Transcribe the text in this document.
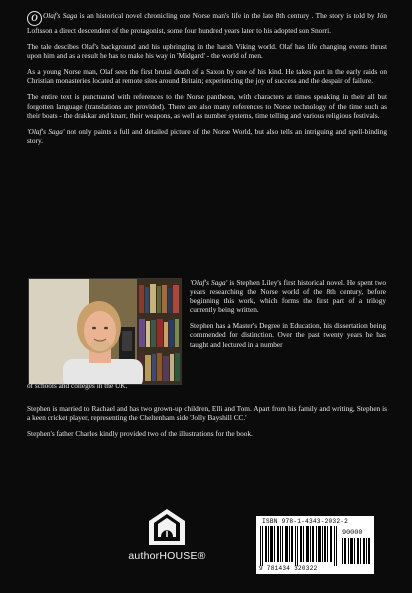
O Olaf's Saga is an historical novel chronicling one Norse man's life in the late 8th century . The story is told by Jón Loftsson a direct descendent of the protagonist, some four hundred years later to his adopted son Snorri.

The tale descibes Olaf's background and his upbringing in the harsh Viking world. Olaf has life changing events thrust upon him and as a result he has to make his way in 'Midgard' - the world of men.

As a young Norse man, Olaf sees the first brutal death of a Saxon by one of his kind. He takes part in the early raids on Christian monasteries located at remote sites around Britain; experiencing the joy of success and the despair of failure.

The entire text is punctuated with references to the Norse pantheon, with characters at times speaking in their all but forgotten language (translations are provided). There are also many references to Norse technology of the time such as their boats - the drakkar and knarr, their weapons, as well as number systems, time telling and various religious festivals.

'Olaf's Saga' not only paints a full and detailed picture of the Norse World, but also tells an intriguing and spell-binding story.

'Olaf's Saga' is Stephen Liley's first historical novel. He spent two years researching the Norse world of the 8th century, before beginning this work, which forms the first part of a trilogy currently being written.

Stephen has a Master's Degree in Education, his dissertation being commended for distinction. Over the past twenty years he has taught and lectured in a number

of schools and colleges in the UK.

Stephen is married to Rachael and has two grown-up children, Elli and Tom. Apart from his family and writing, Stephen is a keen cricket player, representing the Cheltenham side 'Jolly Bayshill CC.'

Stephen's father Charles kindly provided two of the illustrations for the book.

authorHOUSE®
ISBN 978-1-4343-2032-2
90000
9 781434 320322
